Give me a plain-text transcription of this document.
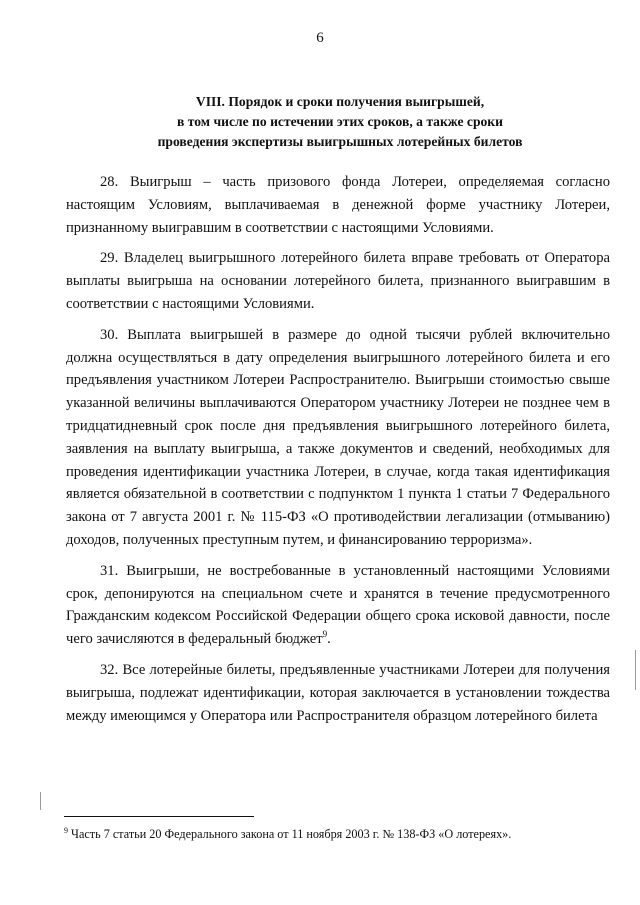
6
VIII. Порядок и сроки получения выигрышей,
в том числе по истечении этих сроков, а также сроки
проведения экспертизы выигрышных лотерейных билетов

28. Выигрыш – часть призового фонда Лотереи, определяемая согласно настоящим Условиям, выплачиваемая в денежной форме участнику Лотереи, признанному выигравшим в соответствии с настоящими Условиями.

29. Владелец выигрышного лотерейного билета вправе требовать от Оператора выплаты выигрыша на основании лотерейного билета, признанного выигравшим в соответствии с настоящими Условиями.

30. Выплата выигрышей в размере до одной тысячи рублей включительно должна осуществляться в дату определения выигрышного лотерейного билета и его предъявления участником Лотереи Распространителю. Выигрыши стоимостью свыше указанной величины выплачиваются Оператором участнику Лотереи не позднее чем в тридцатидневный срок после дня предъявления выигрышного лотерейного билета, заявления на выплату выигрыша, а также документов и сведений, необходимых для проведения идентификации участника Лотереи, в случае, когда такая идентификация является обязательной в соответствии с подпунктом 1 пункта 1 статьи 7 Федерального закона от 7 августа 2001 г. № 115-ФЗ «О противодействии легализации (отмыванию) доходов, полученных преступным путем, и финансированию терроризма».

31. Выигрыши, не востребованные в установленный настоящими Условиями срок, депонируются на специальном счете и хранятся в течение предусмотренного Гражданским кодексом Российской Федерации общего срока исковой давности, после чего зачисляются в федеральный бюджет$^9$.

32. Все лотерейные билеты, предъявленные участниками Лотереи для получения выигрыша, подлежат идентификации, которая заключается в установлении тождества между имеющимся у Оператора или Распространителя образцом лотерейного билета

$^9$ Часть 7 статьи 20 Федерального закона от 11 ноября 2003 г. № 138-ФЗ «О лотереях».
